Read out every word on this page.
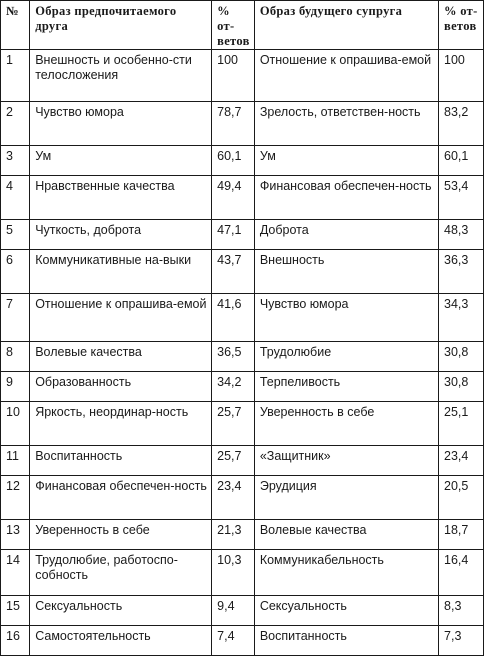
№	Образ предпочитаемого друга	% от-ветов	Образ будущего супруга	% от-ветов
1	Внешность и особенно-сти телосложения	100	Отношение к опрашива-емой	100
2	Чувство юмора	78,7	Зрелость, ответствен-ность	83,2
3	Ум	60,1	Ум	60,1
4	Нравственные качества	49,4	Финансовая обеспечен-ность	53,4
5	Чуткость, доброта	47,1	Доброта	48,3
6	Коммуникативные на-выки	43,7	Внешность	36,3
7	Отношение к опрашива-емой	41,6	Чувство юмора	34,3
8	Волевые качества	36,5	Трудолюбие	30,8
9	Образованность	34,2	Терпеливость	30,8
10	Яркость, неординар-ность	25,7	Уверенность в себе	25,1
11	Воспитанность	25,7	«Защитник»	23,4
12	Финансовая обеспечен-ность	23,4	Эрудиция	20,5
13	Уверенность в себе	21,3	Волевые качества	18,7
14	Трудолюбие, работоспо-собность	10,3	Коммуникабельность	16,4
15	Сексуальность	9,4	Сексуальность	8,3
16	Самостоятельность	7,4	Воспитанность	7,3
